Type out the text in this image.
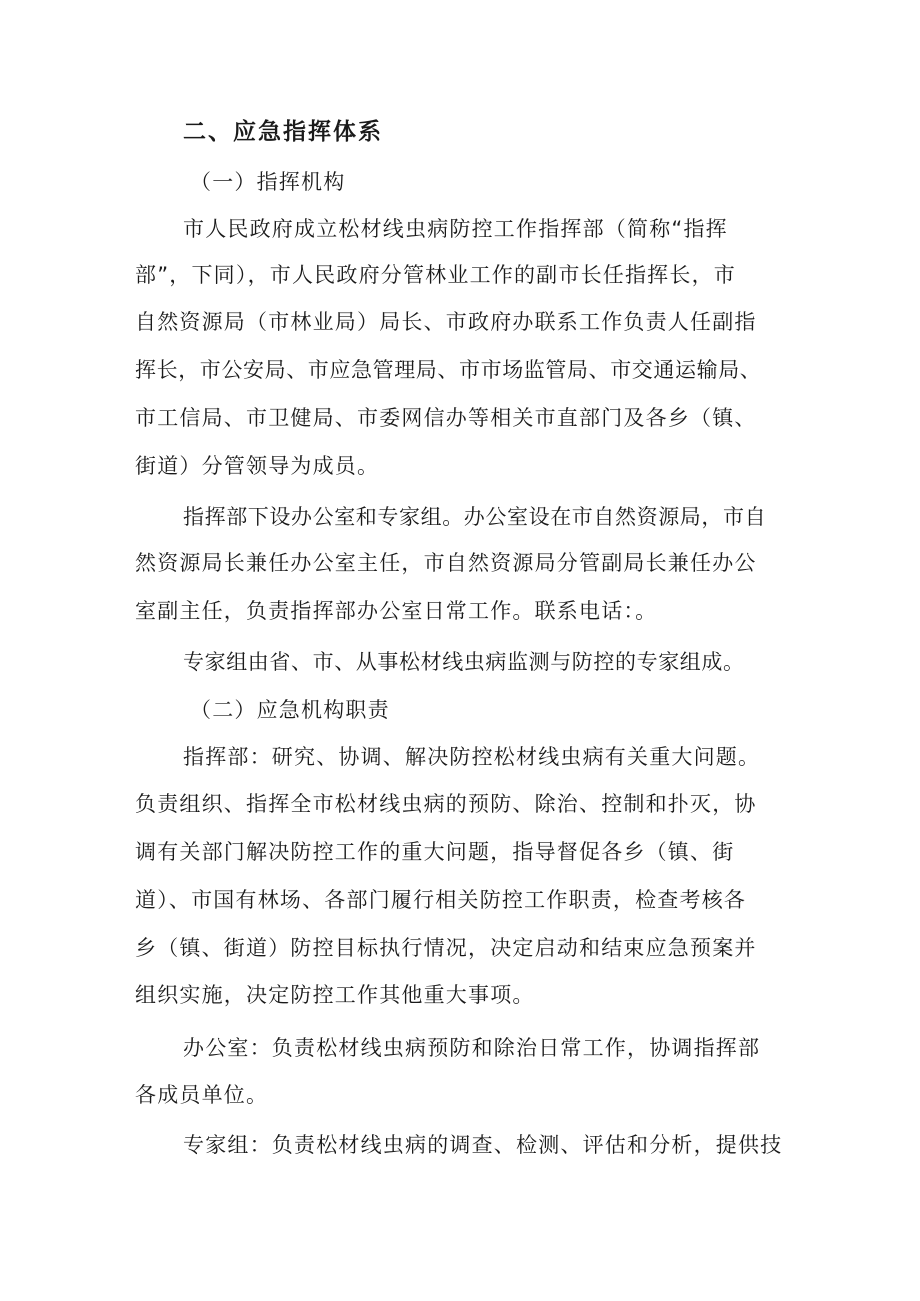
二、应急指挥体系
（一）指挥机构
市人民政府成立松材线虫病防控工作指挥部（简称“指挥
部”，下同），市人民政府分管林业工作的副市长任指挥长，市
自然资源局（市林业局）局长、市政府办联系工作负责人任副指
挥长，市公安局、市应急管理局、市市场监管局、市交通运输局、
市工信局、市卫健局、市委网信办等相关市直部门及各乡（镇、
街道）分管领导为成员。
指挥部下设办公室和专家组。办公室设在市自然资源局，市自
然资源局长兼任办公室主任，市自然资源局分管副局长兼任办公
室副主任，负责指挥部办公室日常工作。联系电话：。
专家组由省、市、从事松材线虫病监测与防控的专家组成。
（二）应急机构职责
指挥部：研究、协调、解决防控松材线虫病有关重大问题。
负责组织、指挥全市松材线虫病的预防、除治、控制和扑灭，协
调有关部门解决防控工作的重大问题，指导督促各乡（镇、街
道）、市国有林场、各部门履行相关防控工作职责，检查考核各
乡（镇、街道）防控目标执行情况，决定启动和结束应急预案并
组织实施，决定防控工作其他重大事项。
办公室：负责松材线虫病预防和除治日常工作，协调指挥部
各成员单位。
专家组：负责松材线虫病的调查、检测、评估和分析，提供技
